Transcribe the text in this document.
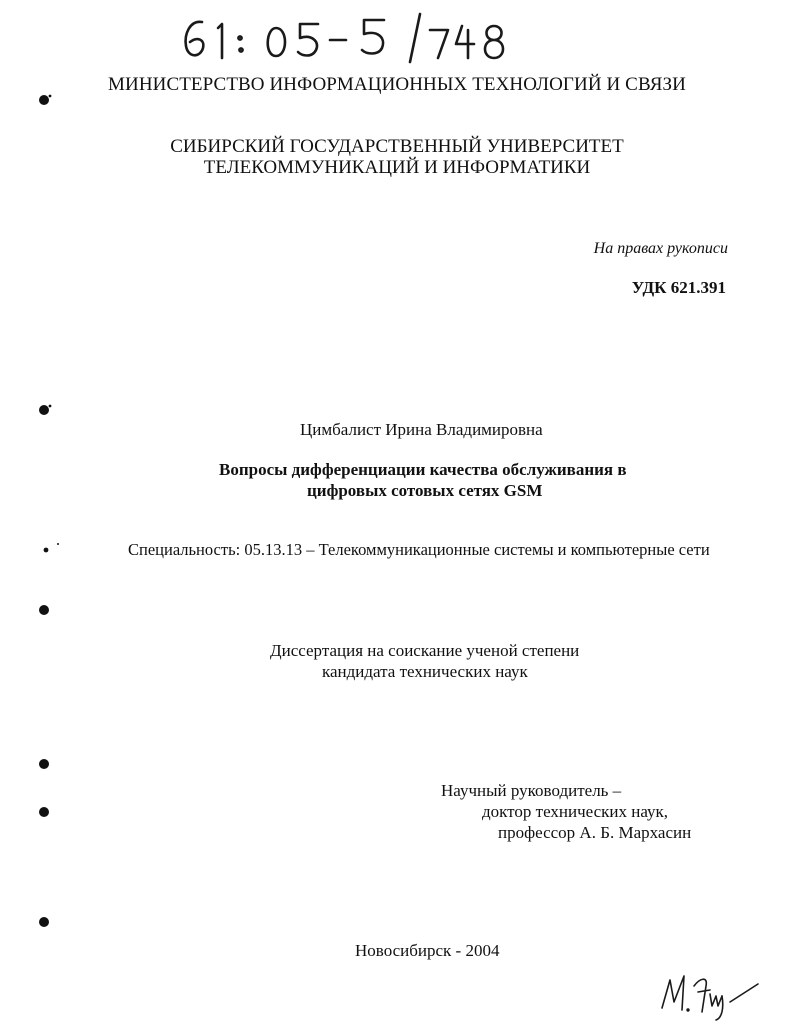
МИНИСТЕРСТВО ИНФОРМАЦИОННЫХ ТЕХНОЛОГИЙ И СВЯЗИ
СИБИРСКИЙ ГОСУДАРСТВЕННЫЙ УНИВЕРСИТЕТ
ТЕЛЕКОММУНИКАЦИЙ И ИНФОРМАТИКИ
На правах рукописи
УДК 621.391
Цимбалист Ирина Владимировна
Вопросы дифференциации качества обслуживания в
цифровых сотовых сетях GSM
Специальность: 05.13.13 – Телекоммуникационные системы и компьютерные сети
Диссертация на соискание ученой степени
кандидата технических наук
Научный руководитель –
доктор технических наук,
профессор А. Б. Мархасин
Новосибирск - 2004
